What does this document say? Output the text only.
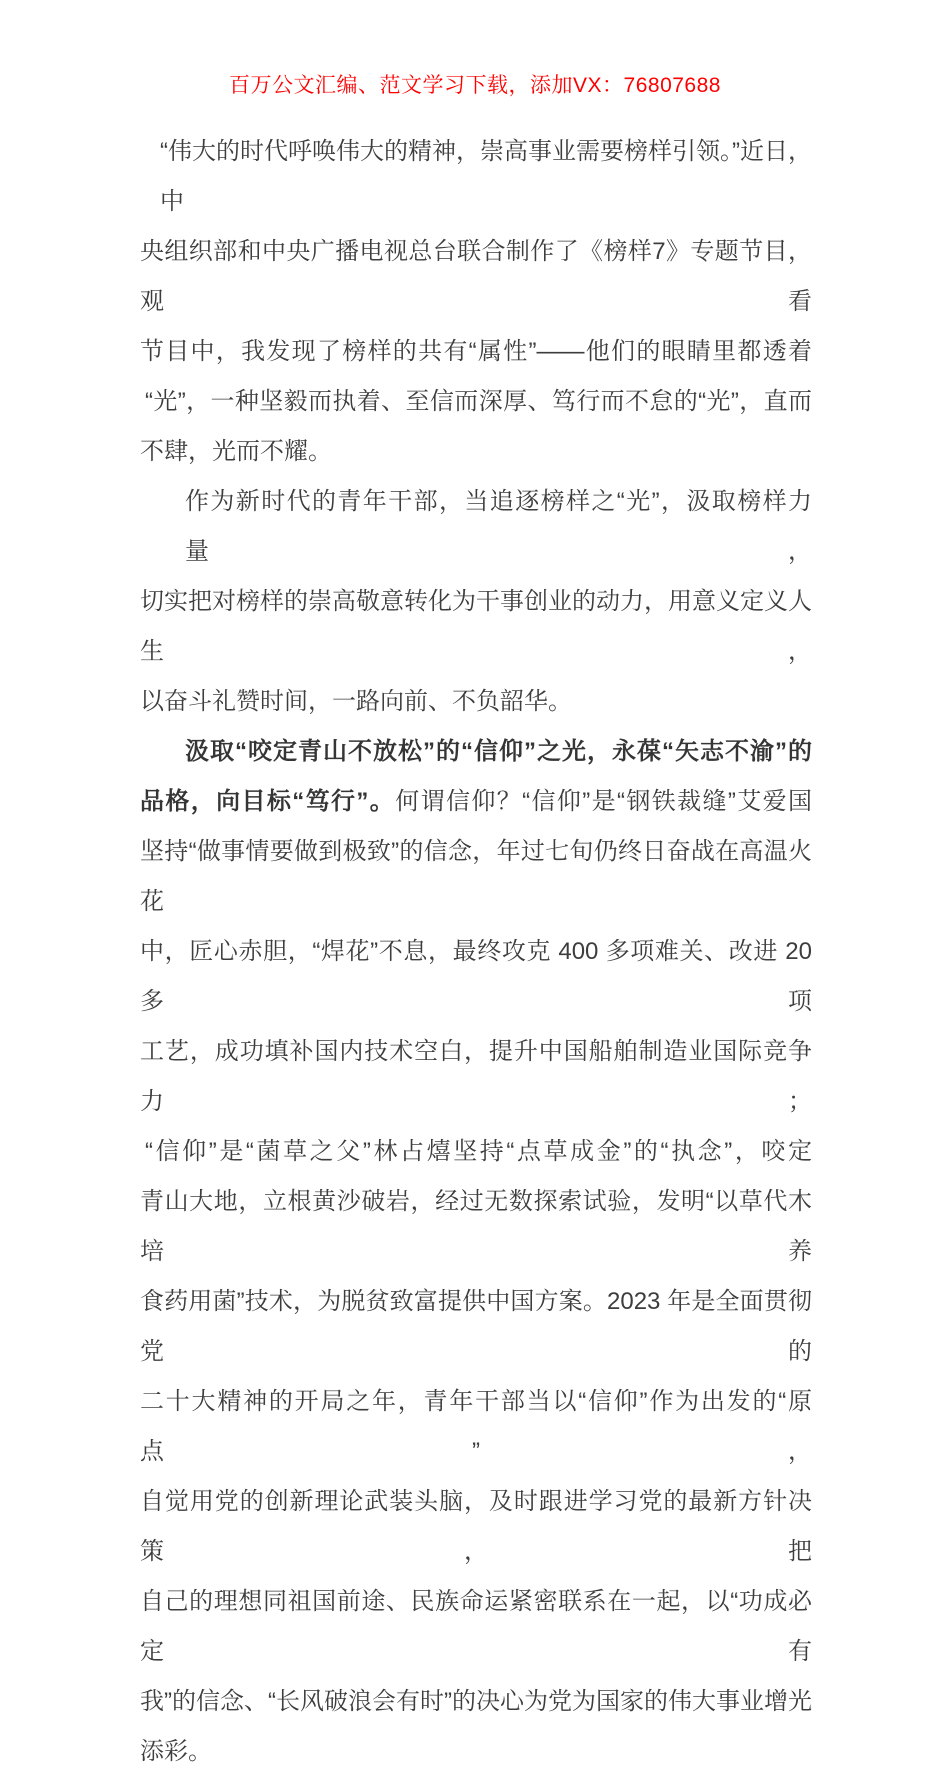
百万公文汇编、范文学习下载，添加VX：76807688
“伟大的时代呼唤伟大的精神，崇高事业需要榜样引领。”近日，中
央组织部和中央广播电视总台联合制作了《榜样7》专题节目，观看
节目中，我发现了榜样的共有“属性”——他们的眼睛里都透着
“光”，一种坚毅而执着、至信而深厚、笃行而不怠的“光”，直而
不肆，光而不耀。
作为新时代的青年干部，当追逐榜样之“光”，汲取榜样力量，
切实把对榜样的崇高敬意转化为干事创业的动力，用意义定义人生，
以奋斗礼赞时间，一路向前、不负韶华。
汲取“咬定青山不放松”的“信仰”之光，永葆“矢志不渝”的
品格，向目标“笃行”。何谓信仰？“信仰”是“钢铁裁缝”艾爱国
坚持“做事情要做到极致”的信念，年过七旬仍终日奋战在高温火花
中，匠心赤胆，“焊花”不息，最终攻克 400 多项难关、改进 20 多项
工艺，成功填补国内技术空白，提升中国船舶制造业国际竞争力；
“信仰”是“菌草之父”林占熺坚持“点草成金”的“执念”，咬定
青山大地，立根黄沙破岩，经过无数探索试验，发明“以草代木培养
食药用菌”技术，为脱贫致富提供中国方案。2023 年是全面贯彻党的
二十大精神的开局之年，青年干部当以“信仰”作为出发的“原点”，
自觉用党的创新理论武装头脑，及时跟进学习党的最新方针决策，把
自己的理想同祖国前途、民族命运紧密联系在一起，以“功成必定有
我”的信念、“长风破浪会有时”的决心为党为国家的伟大事业增光
添彩。
